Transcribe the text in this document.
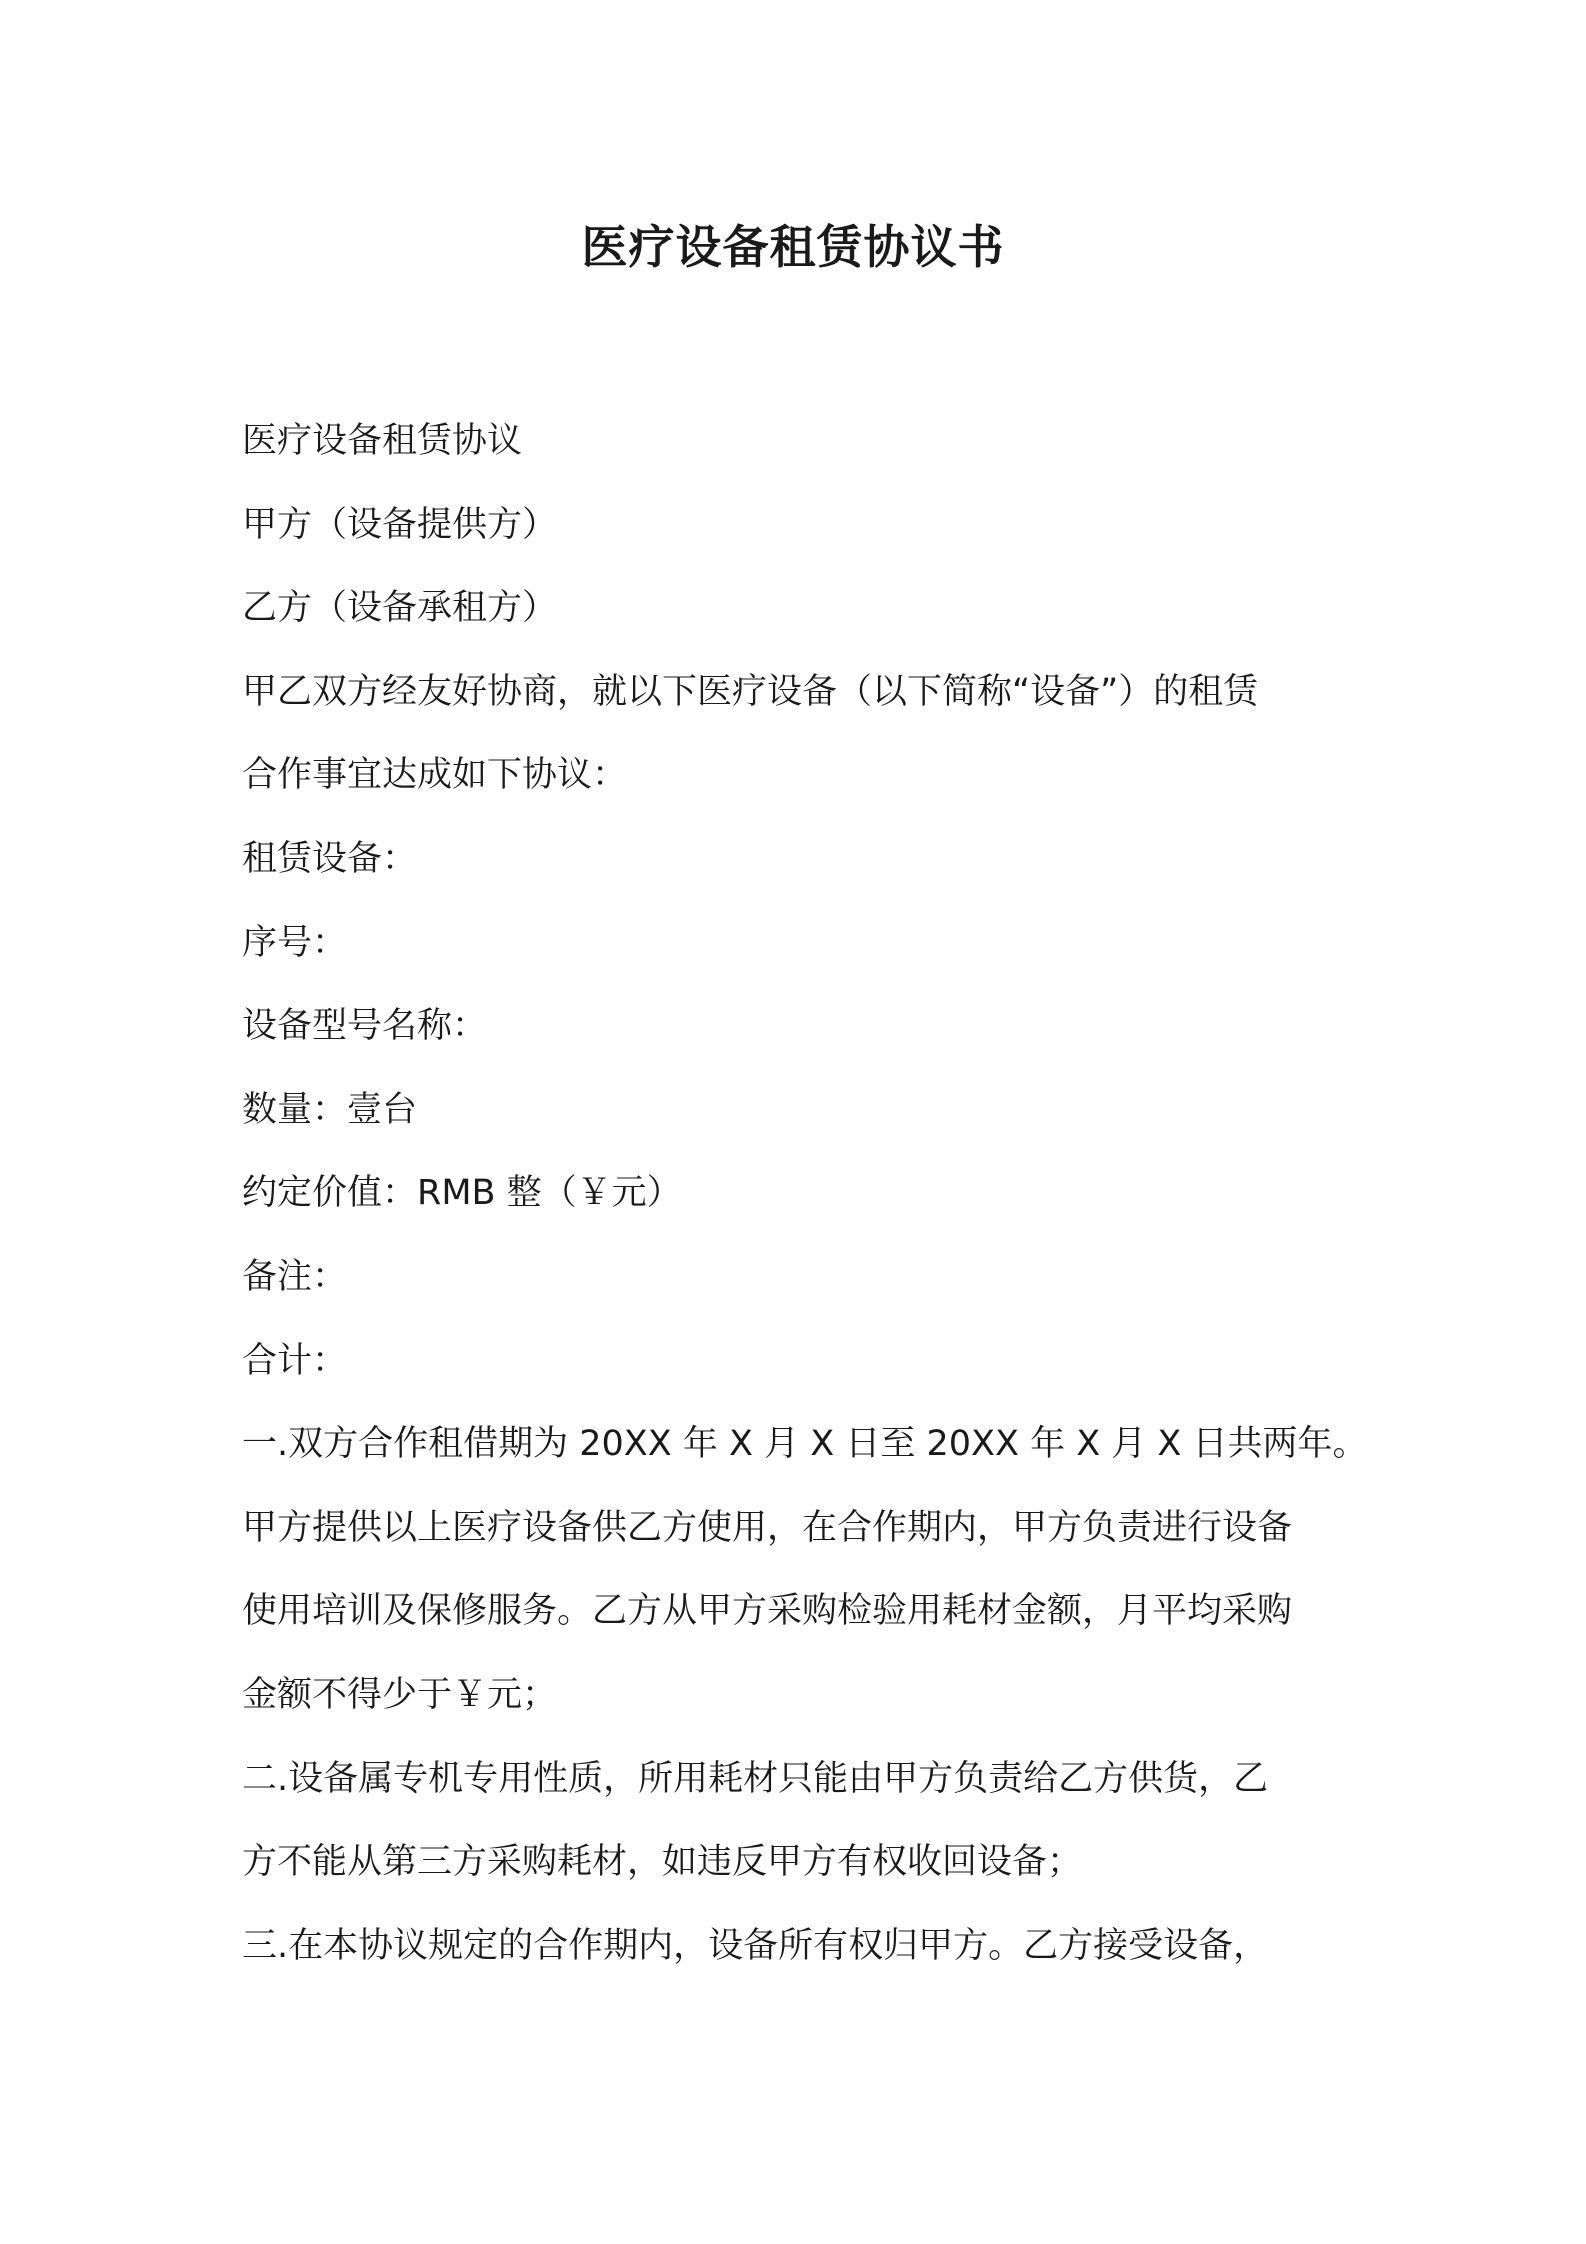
医疗设备租赁协议书

医疗设备租赁协议

甲方（设备提供方）

乙方（设备承租方）

甲乙双方经友好协商，就以下医疗设备（以下简称“设备”）的租赁

合作事宜达成如下协议：

租赁设备：

序号：

设备型号名称：

数量：壹台

约定价值：RMB 整（￥元）

备注：

合计：

一.双方合作租借期为 20XX 年 X 月 X 日至 20XX 年 X 月 X 日共两年。

甲方提供以上医疗设备供乙方使用，在合作期内，甲方负责进行设备

使用培训及保修服务。乙方从甲方采购检验用耗材金额，月平均采购

金额不得少于￥元；

二.设备属专机专用性质，所用耗材只能由甲方负责给乙方供货，乙

方不能从第三方采购耗材，如违反甲方有权收回设备；

三.在本协议规定的合作期内，设备所有权归甲方。乙方接受设备，
